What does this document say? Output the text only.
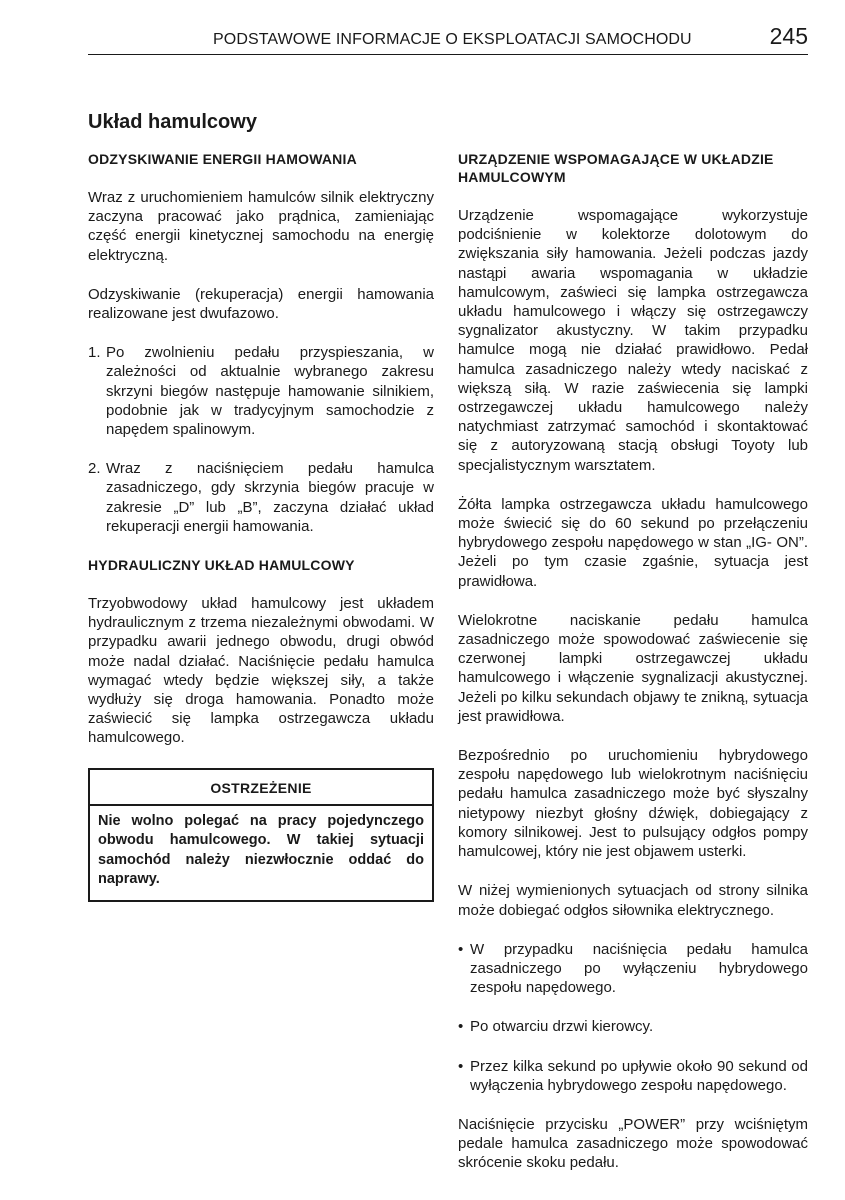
PODSTAWOWE INFORMACJE O EKSPLOATACJI SAMOCHODU	245
Układ hamulcowy
ODZYSKIWANIE ENERGII HAMOWANIA

Wraz z uruchomieniem hamulców silnik elektryczny zaczyna pracować jako prądnica, zamieniając część energii kinetycznej samochodu na energię elektryczną.

Odzyskiwanie (rekuperacja) energii hamowania realizowane jest dwufazowo.

1. Po zwolnieniu pedału przyspieszania, w zależności od aktualnie wybranego zakresu skrzyni biegów następuje hamowanie silnikiem, podobnie jak w tradycyjnym samochodzie z napędem spalinowym.
2. Wraz z naciśnięciem pedału hamulca zasadniczego, gdy skrzynia biegów pracuje w zakresie „D” lub „B”, zaczyna działać układ rekuperacji energii hamowania.
HYDRAULICZNY UKŁAD HAMULCOWY

Trzyobwodowy układ hamulcowy jest układem hydraulicznym z trzema niezależnymi obwodami. W przypadku awarii jednego obwodu, drugi obwód może nadal działać. Naciśnięcie pedału hamulca wymagać wtedy będzie większej siły, a także wydłuży się droga hamowania. Ponadto może zaświecić się lampka ostrzegawcza układu hamulcowego.

OSTRZEŻENIE
Nie wolno polegać na pracy pojedynczego obwodu hamulcowego. W takiej sytuacji samochód należy niezwłocznie oddać do naprawy.
URZĄDZENIE WSPOMAGAJĄCE W UKŁADZIE HAMULCOWYM

Urządzenie wspomagające wykorzystuje podciśnienie w kolektorze dolotowym do zwiększania siły hamowania. Jeżeli podczas jazdy nastąpi awaria wspomagania w układzie hamulcowym, zaświeci się lampka ostrzegawcza układu hamulcowego i włączy się ostrzegawczy sygnalizator akustyczny. W takim przypadku hamulce mogą nie działać prawidłowo. Pedał hamulca zasadniczego należy wtedy naciskać z większą siłą. W razie zaświecenia się lampki ostrzegawczej układu hamulcowego należy natychmiast zatrzymać samochód i skontaktować się z autoryzowaną stacją obsługi Toyoty lub specjalistycznym warsztatem.

Żółta lampka ostrzegawcza układu hamulcowego może świecić się do 60 sekund po przełączeniu hybrydowego zespołu napędowego w stan „IG- ON”. Jeżeli po tym czasie zgaśnie, sytuacja jest prawidłowa.

Wielokrotne naciskanie pedału hamulca zasadniczego może spowodować zaświecenie się czerwonej lampki ostrzegawczej układu hamulcowego i włączenie sygnalizacji akustycznej. Jeżeli po kilku sekundach objawy te znikną, sytuacja jest prawidłowa.

Bezpośrednio po uruchomieniu hybrydowego zespołu napędowego lub wielokrotnym naciśnięciu pedału hamulca zasadniczego może być słyszalny nietypowy niezbyt głośny dźwięk, dobiegający z komory silnikowej. Jest to pulsujący odgłos pompy hamulcowej, który nie jest objawem usterki.

W niżej wymienionych sytuacjach od strony silnika może dobiegać odgłos siłownika elektrycznego.

• W przypadku naciśnięcia pedału hamulca zasadniczego po wyłączeniu hybrydowego zespołu napędowego.
• Po otwarciu drzwi kierowcy.
• Przez kilka sekund po upływie około 90 sekund od wyłączenia hybrydowego zespołu napędowego.

Naciśnięcie przycisku „POWER” przy wciśniętym pedale hamulca zasadniczego może spowodować skrócenie skoku pedału.
